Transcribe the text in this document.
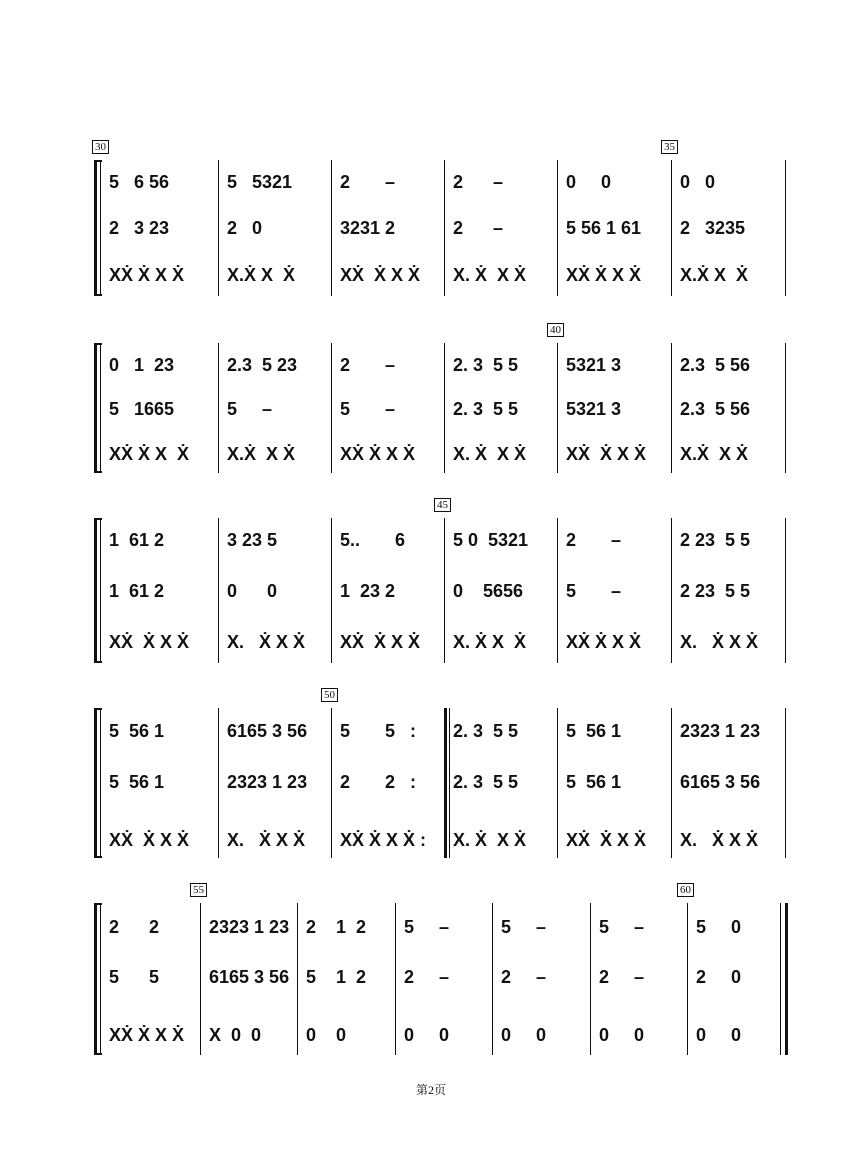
30
5   6 56
2   3 23
XẊ Ẋ X Ẋ
5   5321
2   0
X.Ẋ X  Ẋ
2       –
3231 2
XẊ  Ẋ X Ẋ
2      –
2      –
X. Ẋ  X Ẋ
0     0
5 56 1 61
XẊ Ẋ X Ẋ
35
0   0
2   3235
X.Ẋ X  Ẋ
0   1  23
5   1665
XẊ Ẋ X  Ẋ
2.3  5 23
5     –
X.Ẋ  X Ẋ
2       –
5       –
XẊ Ẋ X Ẋ
2. 3  5 5
2. 3  5 5
X. Ẋ  X Ẋ
40
5321 3
5321 3
XẊ  Ẋ X Ẋ
2.3  5 56
2.3  5 56
X.Ẋ  X Ẋ
1  61 2
1  61 2
XẊ  Ẋ X Ẋ
3 23 5
0      0
X.   Ẋ X Ẋ
5..       6
1  23 2
XẊ  Ẋ X Ẋ
45
5 0  5321
0    5656
X. Ẋ X  Ẋ
2       –
5       –
XẊ Ẋ X Ẋ
2 23  5 5
2 23  5 5
X.   Ẋ X Ẋ
5  56 1
5  56 1
XẊ  Ẋ X Ẋ
6165 3 56
2323 1 23
X.   Ẋ X Ẋ
50
5       5   :
2       2   :
XẊ Ẋ X Ẋ :
2. 3  5 5
2. 3  5 5
X. Ẋ  X Ẋ
5  56 1
5  56 1
XẊ  Ẋ X Ẋ
2323 1 23
6165 3 56
X.   Ẋ X Ẋ
2      2
5      5
XẊ Ẋ X Ẋ
55
2323 1 23
6165 3 56
X  0  0
2    1  2
5    1  2
0    0
5     –
2     –
0     0
5     –
2     –
0     0
5     –
2     –
0     0
60
5     0
2     0
0     0
第2页
